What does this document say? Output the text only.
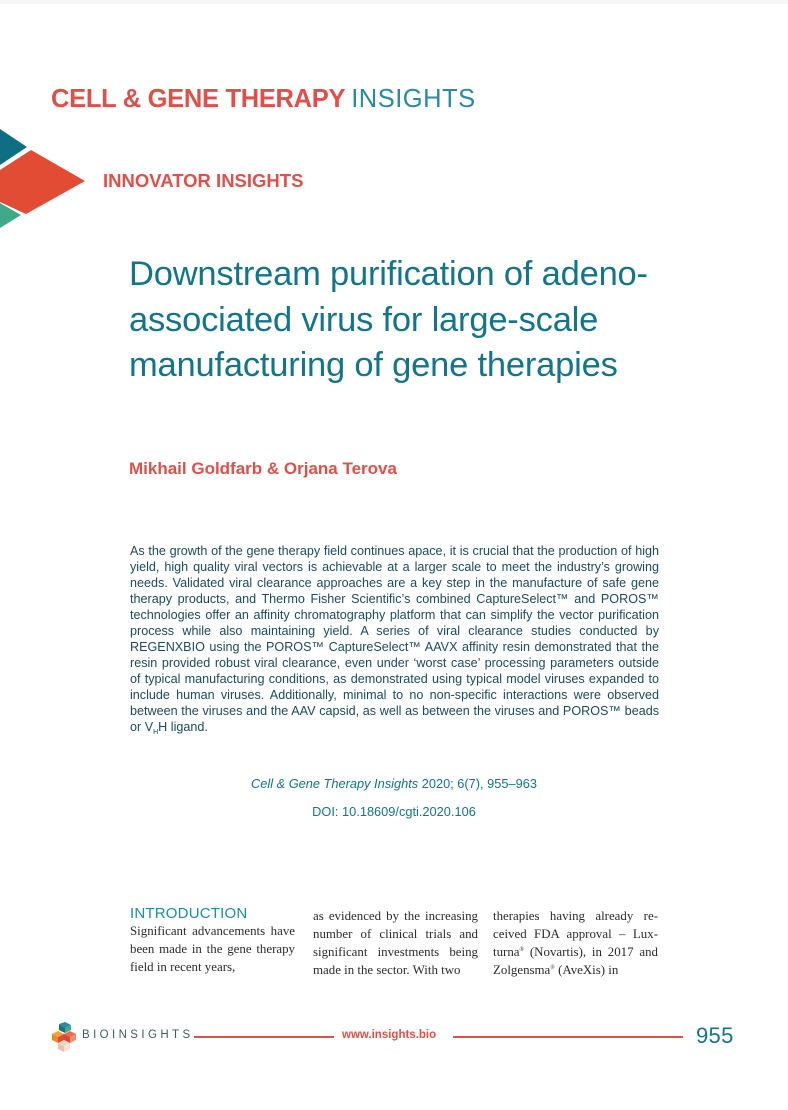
CELL & GENE THERAPY INSIGHTS
INNOVATOR INSIGHTS
Downstream purification of adeno-associated virus for large-scale manufacturing of gene therapies
Mikhail Goldfarb & Orjana Terova
As the growth of the gene therapy field continues apace, it is crucial that the production of high yield, high quality viral vectors is achievable at a larger scale to meet the industry’s growing needs. Validated viral clearance approaches are a key step in the manufacture of safe gene therapy products, and Thermo Fisher Scientific’s combined CaptureSelect™ and POROS™ technologies offer an affinity chromatography platform that can simplify the vector purification process while also maintaining yield. A series of viral clearance studies conducted by REGENXBIO using the POROS™ CaptureSelect™ AAVX affinity resin demonstrated that the resin provided robust viral clearance, even under ‘worst case’ processing parameters outside of typical manufacturing conditions, as demonstrated using typical model viruses expanded to include human viruses. Additionally, minimal to no non-specific interactions were observed between the viruses and the AAV capsid, as well as between the viruses and POROS™ beads or $V_HH$ ligand.
Cell & Gene Therapy Insights 2020; 6(7), 955–963
DOI: 10.18609/cgti.2020.106
INTRODUCTION

Significant advancements have been made in the gene therapy field in recent years,

as evidenced by the increasing number of clinical trials and significant investments being made in the sector. With two

therapies having already received FDA approval – Luxturna® (Novartis), in 2017 and Zolgensma® (AveXis) in

BIOINSIGHTS	www.insights.bio	955
